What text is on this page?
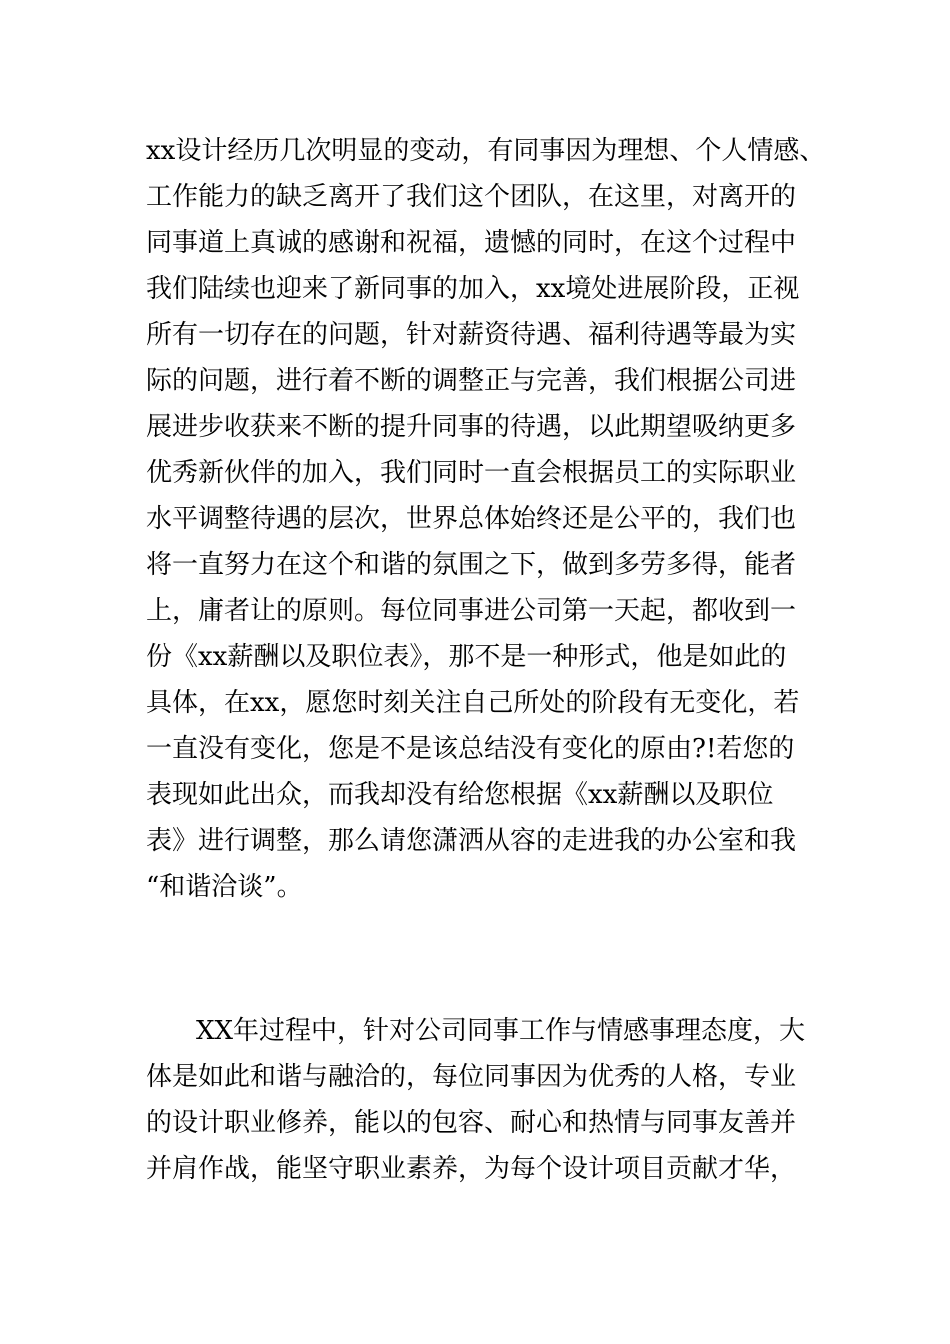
xx设计经历几次明显的变动，有同事因为理想、个人情感、
工作能力的缺乏离开了我们这个团队，在这里，对离开的
同事道上真诚的感谢和祝福，遗憾的同时，在这个过程中
我们陆续也迎来了新同事的加入，xx境处进展阶段，正视
所有一切存在的问题，针对薪资待遇、福利待遇等最为实
际的问题，进行着不断的调整正与完善，我们根据公司进
展进步收获来不断的提升同事的待遇，以此期望吸纳更多
优秀新伙伴的加入，我们同时一直会根据员工的实际职业
水平调整待遇的层次，世界总体始终还是公平的，我们也
将一直努力在这个和谐的氛围之下，做到多劳多得，能者
上，庸者让的原则。每位同事进公司第一天起，都收到一
份《xx薪酬以及职位表》，那不是一种形式，他是如此的
具体，在xx，愿您时刻关注自己所处的阶段有无变化，若
一直没有变化，您是不是该总结没有变化的原由?!若您的
表现如此出众，而我却没有给您根据《xx薪酬以及职位
表》进行调整，那么请您潇洒从容的走进我的办公室和我
“和谐洽谈”。
XX年过程中，针对公司同事工作与情感事理态度，大
体是如此和谐与融洽的，每位同事因为优秀的人格，专业
的设计职业修养，能以的包容、耐心和热情与同事友善并
并肩作战，能坚守职业素养，为每个设计项目贡献才华，
